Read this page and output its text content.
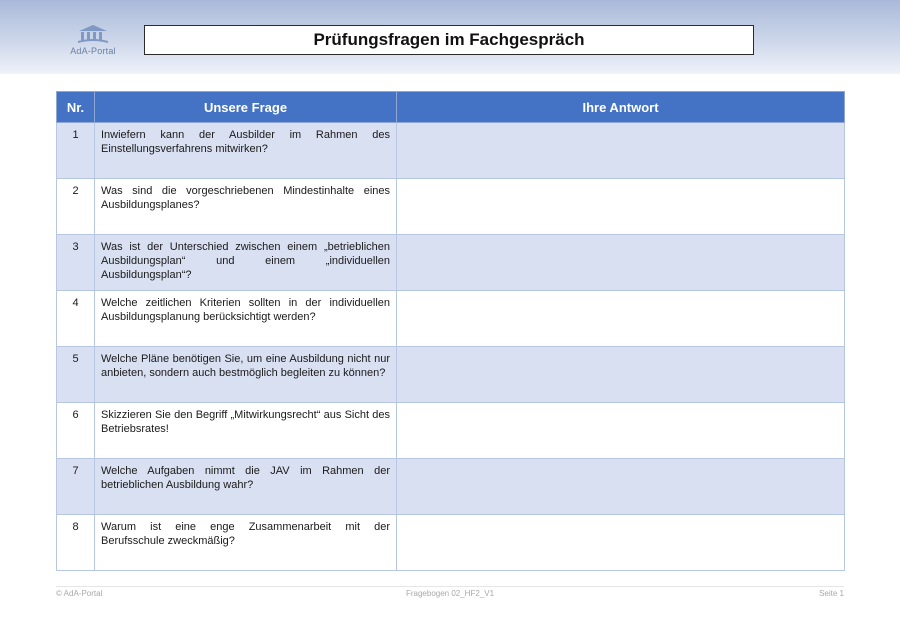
AdA-Portal
Prüfungsfragen im Fachgespräch
Nr.	Unsere Frage	Ihre Antwort
1	Inwiefern kann der Ausbilder im Rahmen des Einstellungsverfahrens mitwirken?	
2	Was sind die vorgeschriebenen Mindestinhalte eines Ausbildungsplanes?	
3	Was ist der Unterschied zwischen einem „betrieblichen Ausbildungsplan“ und einem „individuellen Ausbildungsplan“?	
4	Welche zeitlichen Kriterien sollten in der individuellen Ausbildungsplanung berücksichtigt werden?	
5	Welche Pläne benötigen Sie, um eine Ausbildung nicht nur anbieten, sondern auch bestmöglich begleiten zu können?	
6	Skizzieren Sie den Begriff „Mitwirkungsrecht“ aus Sicht des Betriebsrates!	
7	Welche Aufgaben nimmt die JAV im Rahmen der betrieblichen Ausbildung wahr?	
8	Warum ist eine enge Zusammenarbeit mit der Berufsschule zweckmäßig?	
© AdA-Portal	Fragebogen 02_HF2_V1	Seite 1
